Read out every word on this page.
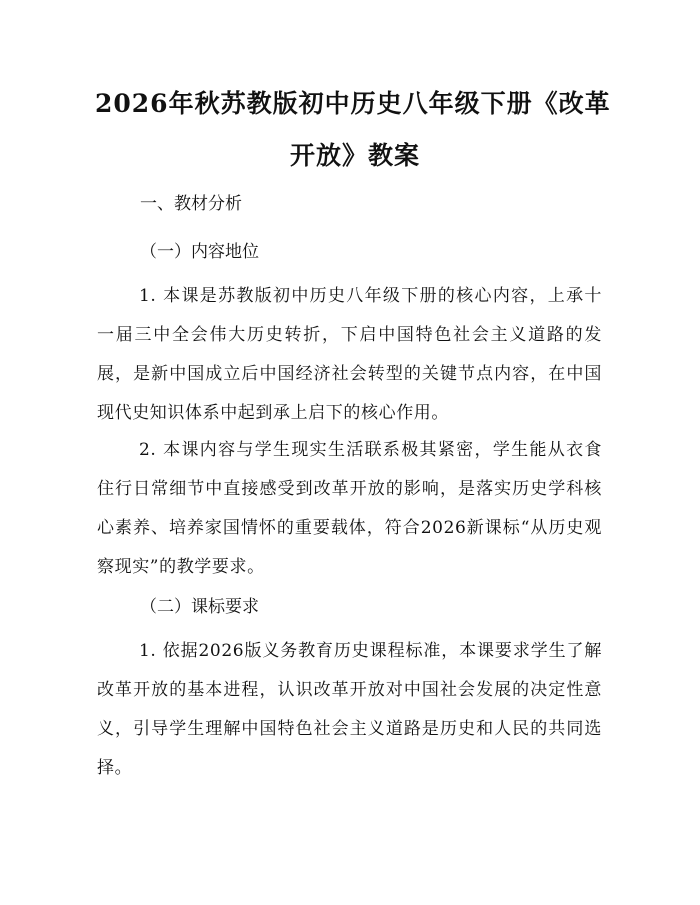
2026年秋苏教版初中历史八年级下册《改革
开放》教案
一、教材分析
（一）内容地位

1. 本课是苏教版初中历史八年级下册的核心内容，上承十一届三中全会伟大历史转折，下启中国特色社会主义道路的发展，是新中国成立后中国经济社会转型的关键节点内容，在中国现代史知识体系中起到承上启下的核心作用。

2. 本课内容与学生现实生活联系极其紧密，学生能从衣食住行日常细节中直接感受到改革开放的影响，是落实历史学科核心素养、培养家国情怀的重要载体，符合2026新课标“从历史观察现实”的教学要求。

（二）课标要求

1. 依据2026版义务教育历史课程标准，本课要求学生了解改革开放的基本进程，认识改革开放对中国社会发展的决定性意义，引导学生理解中国特色社会主义道路是历史和人民的共同选择。
